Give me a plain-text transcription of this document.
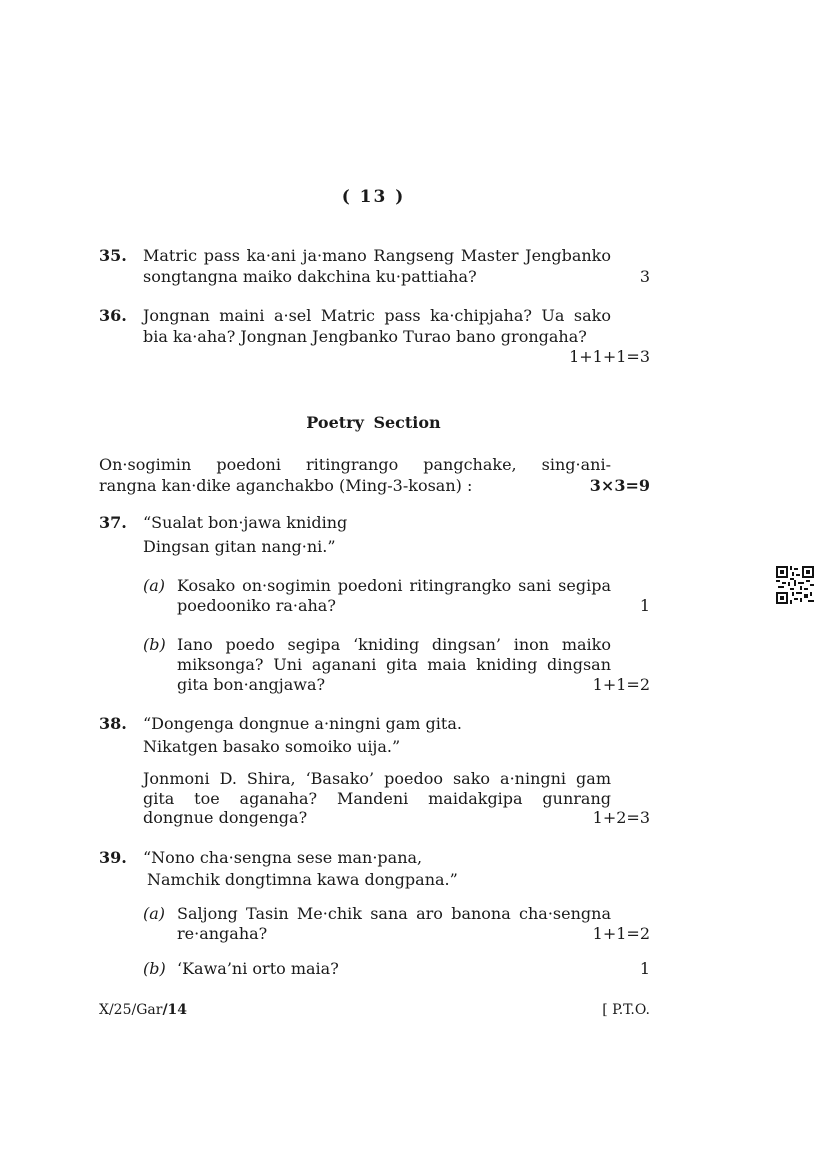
( 13 )
35. Matric pass ka·ani ja·mano Rangseng Master Jengbanko
songtangna maiko dakchina ku·pattiaha?	3
36. Jongnan maini a·sel Matric pass ka·chipjaha? Ua sako
bia ka·aha? Jongnan Jengbanko Turao bano grongaha?
1+1+1=3
Poetry Section
On·sogimin poedoni ritingrango pangchake, sing·ani-
rangna kan·dike aganchakbo (Ming-3-kosan) :	3×3=9
37. “Sualat bon·jawa kniding
Dingsan gitan nang·ni.”
(a) Kosako on·sogimin poedoni ritingrangko sani segipa
poedooniko ra·aha?	1
(b) Iano poedo segipa ‘kniding dingsan’ inon maiko
miksonga? Uni aganani gita maia kniding dingsan
gita bon·angjawa?	1+1=2
38. “Dongenga dongnue a·ningni gam gita.
Nikatgen basako somoiko uija.”
Jonmoni D. Shira, ‘Basako’ poedoo sako a·ningni gam
gita toe aganaha? Mandeni maidakgipa gunrang
dongnue dongenga?	1+2=3
39. “Nono cha·sengna sese man·pana,
Namchik dongtimna kawa dongpana.”
(a) Saljong Tasin Me·chik sana aro banona cha·sengna
re·angaha?	1+1=2
(b) ‘Kawa’ni orto maia?	1
X/25/Gar/14	[ P.T.O.
